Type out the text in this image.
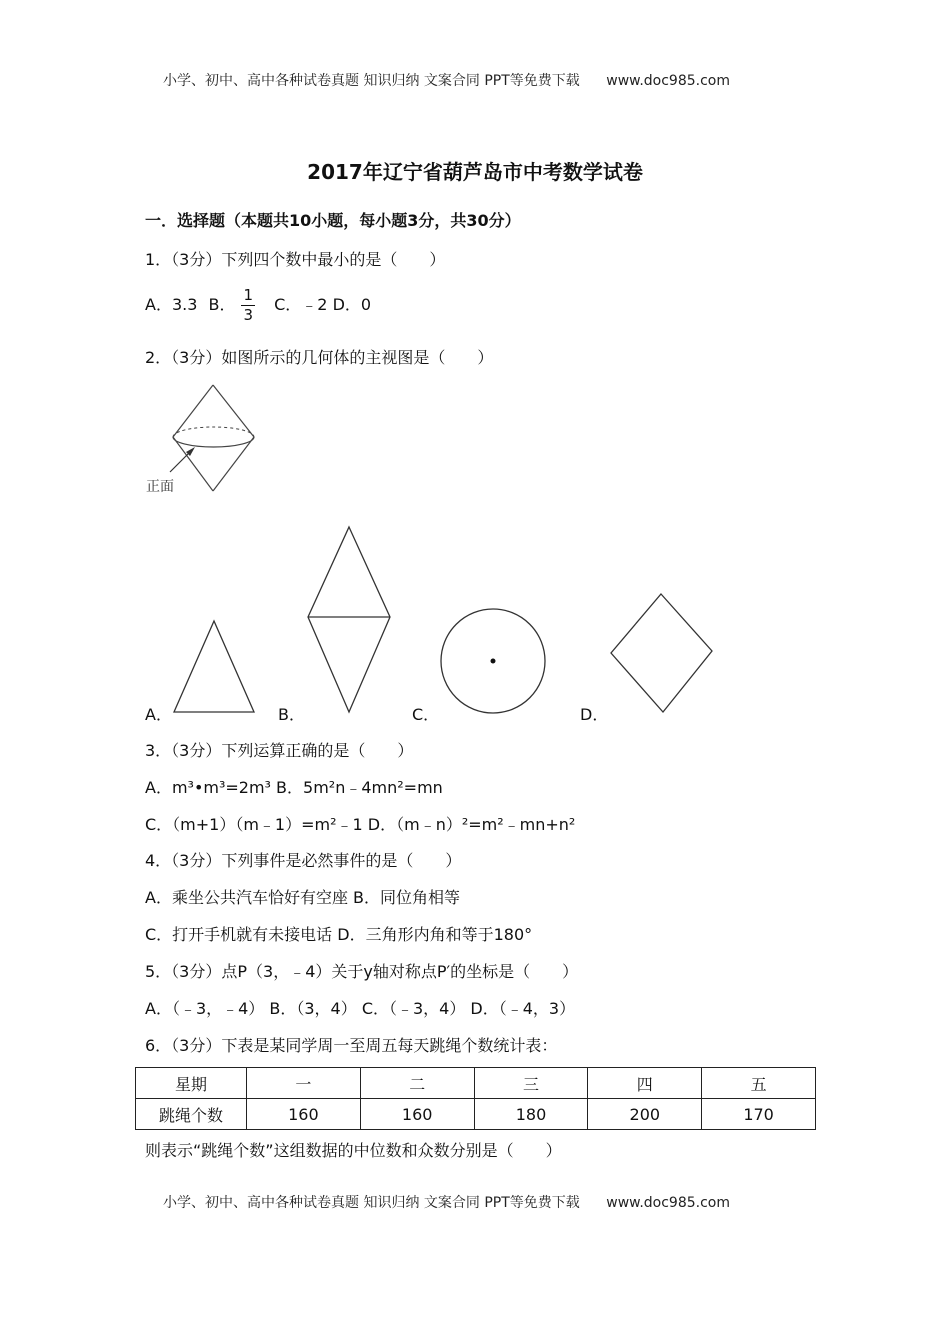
小学、初中、高中各种试卷真题 知识归纳 文案合同 PPT等免费下载 www.doc985.com
2017年辽宁省葫芦岛市中考数学试卷
一．选择题（本题共10小题，每小题3分，共30分）
1．（3分）下列四个数中最小的是（　　）
A．3.3 B． $\frac{1}{3}$ C．﹣2 D．0
2．（3分）如图所示的几何体的主视图是（　　）
正面
A．	B．	C．	D．
3．（3分）下列运算正确的是（　　）
A．m³•m³=2m³ B．5m²n﹣4mn²=mn
C．（m+1）（m﹣1）=m²﹣1 D．（m﹣n）²=m²﹣mn+n²
4．（3分）下列事件是必然事件的是（　　）
A．乘坐公共汽车恰好有空座 B．同位角相等
C．打开手机就有未接电话 D．三角形内角和等于180°
5．（3分）点P（3，﹣4）关于y轴对称点P′的坐标是（　　）
A．（﹣3，﹣4） B．（3，4） C．（﹣3，4） D．（﹣4，3）
6．（3分）下表是某同学周一至周五每天跳绳个数统计表：
星期	一	二	三	四	五
跳绳个数	160	160	180	200	170
则表示“跳绳个数”这组数据的中位数和众数分别是（　　）
小学、初中、高中各种试卷真题 知识归纳 文案合同 PPT等免费下载 www.doc985.com
